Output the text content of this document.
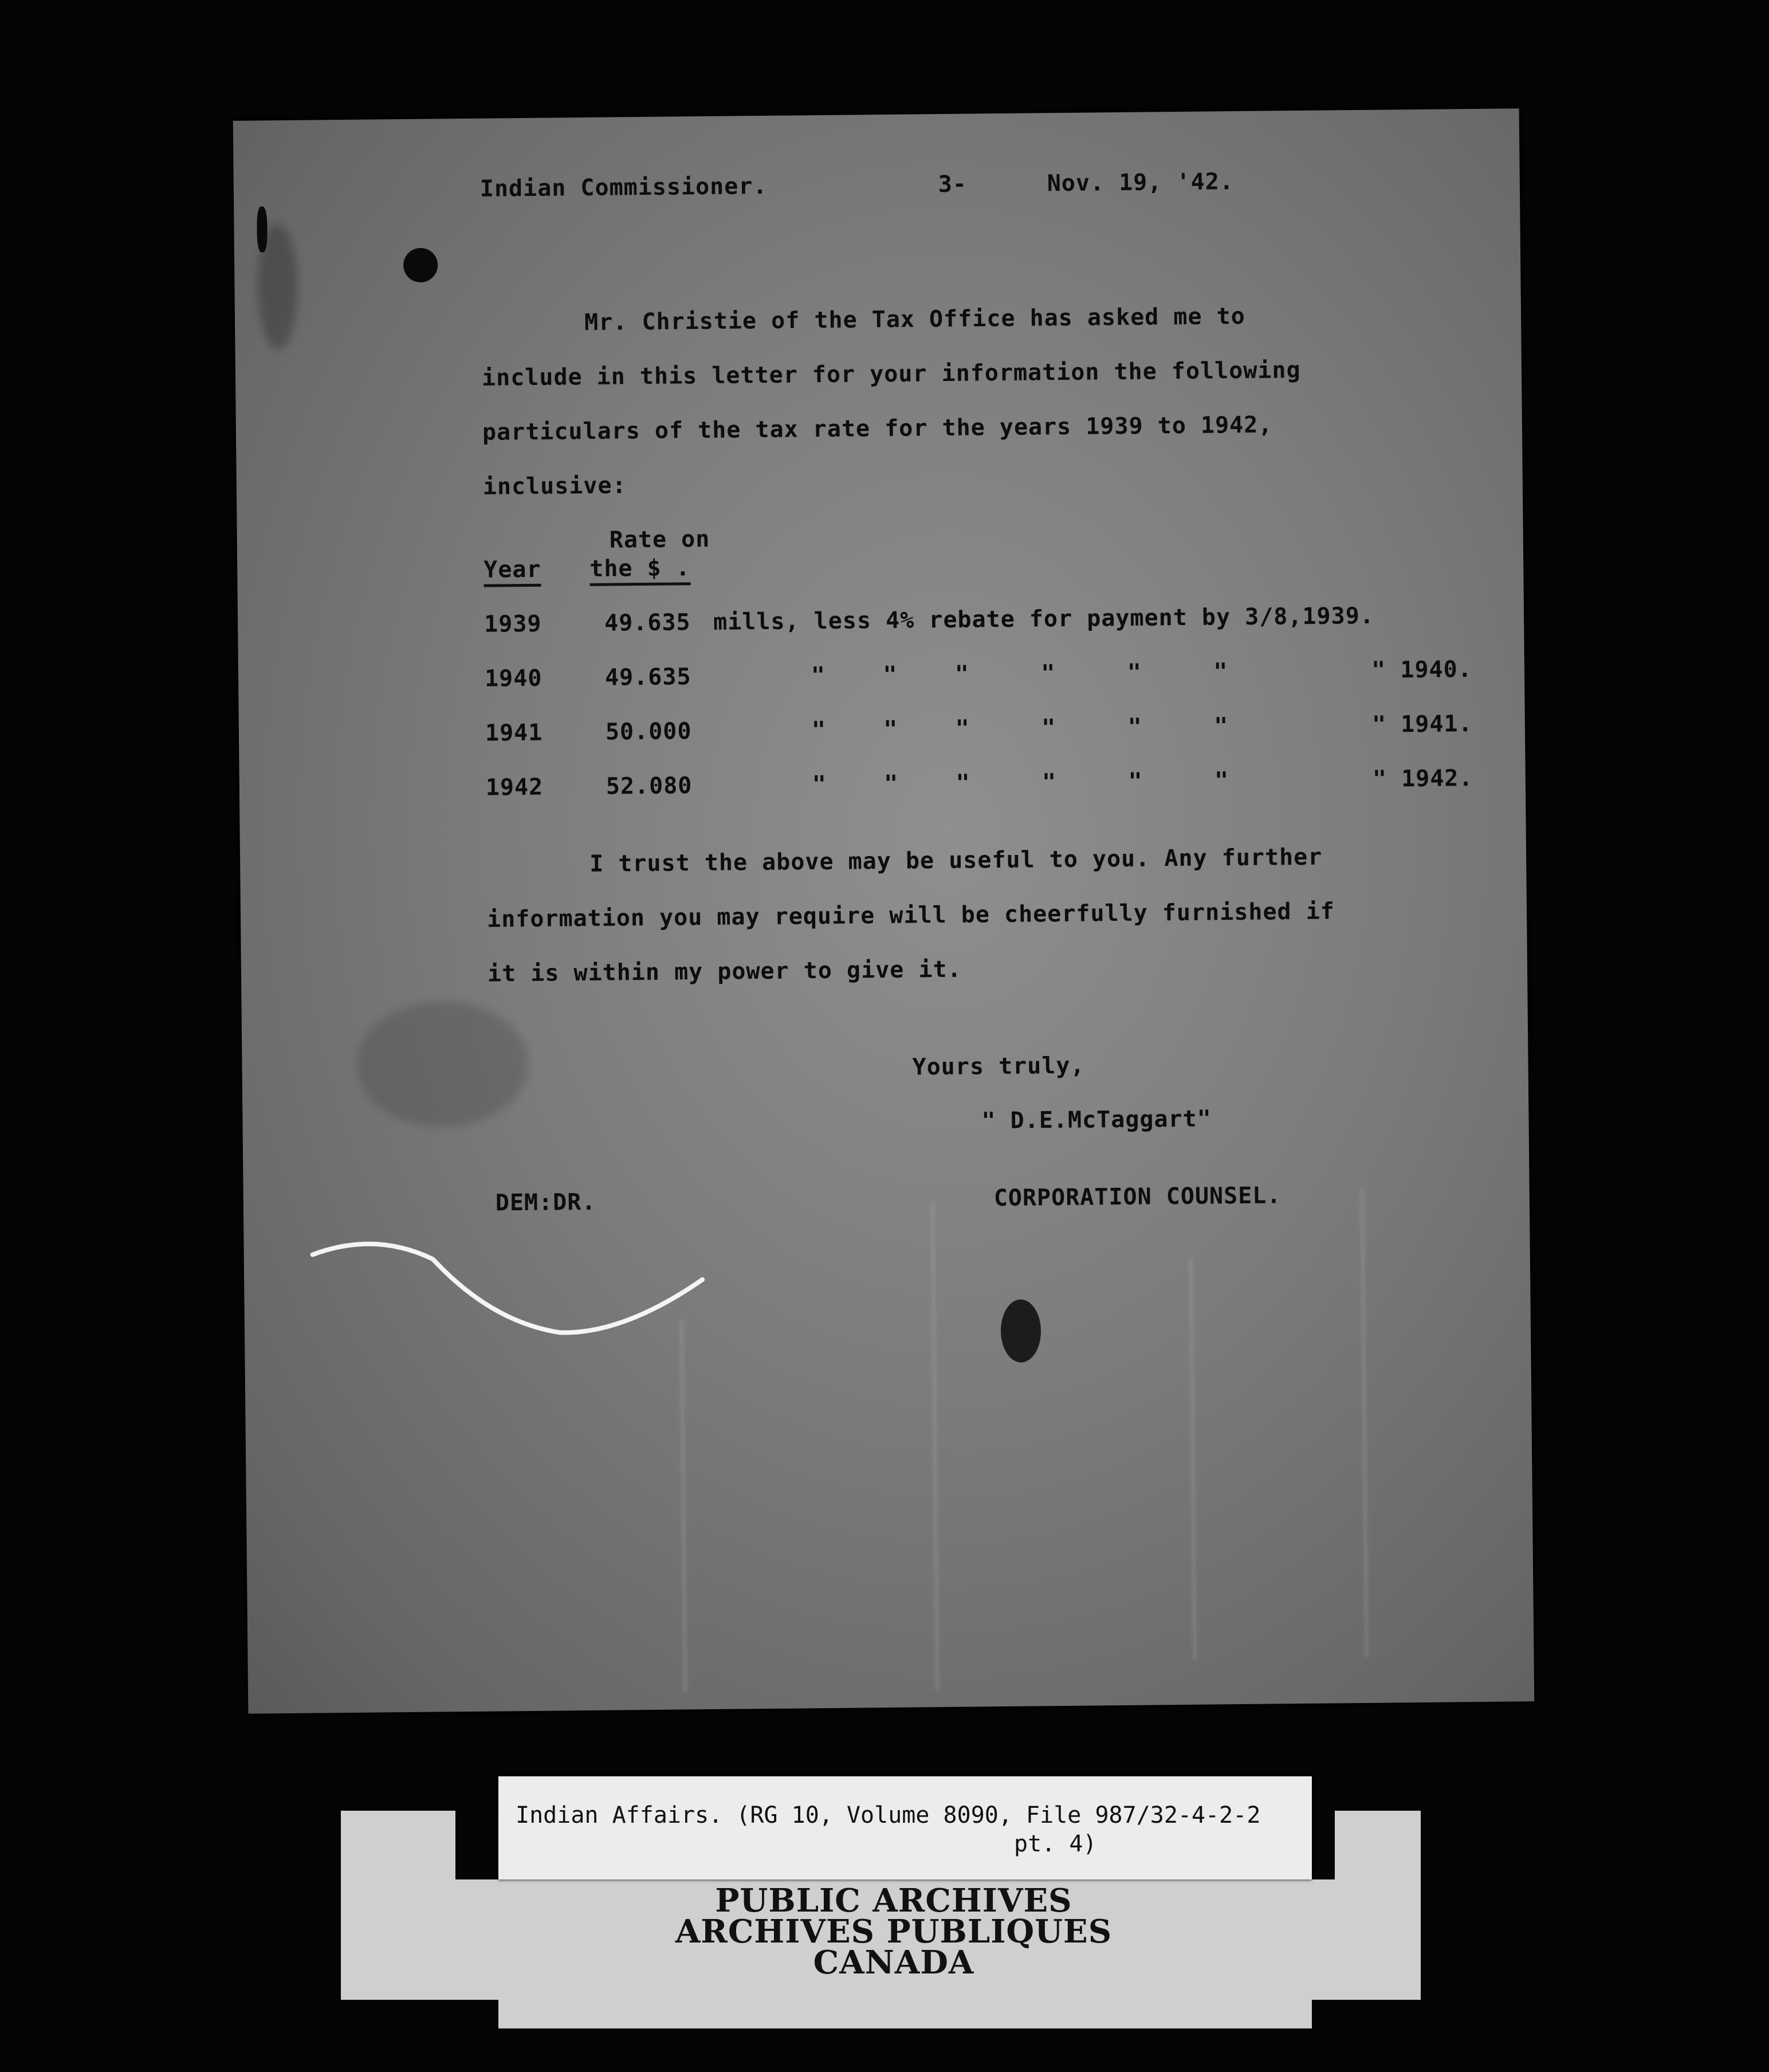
Indian Commissioner.	3-	Nov. 19, '42.
Mr. Christie of the Tax Office has asked me to
include in this letter for your information the following
particulars of the tax rate for the years 1939 to 1942,
inclusive:
Rate on
Year the $ .
1939	49.635 mills, less 4% rebate for payment by 3/8,1939.
1940	49.635	"    "    "     "     "     "          " 1940.
1941	50.000	"    "    "     "     "     "          " 1941.
1942	52.080	"    "    "     "     "     "          " 1942.
I trust the above may be useful to you. Any further
information you may require will be cheerfully furnished if
it is within my power to give it.
Yours truly,
" D.E.McTaggart"
DEM:DR.	CORPORATION COUNSEL.
Indian Affairs. (RG 10, Volume 8090, File 987/32-4-2-2
pt. 4)
PUBLIC ARCHIVES
ARCHIVES PUBLIQUES
CANADA
